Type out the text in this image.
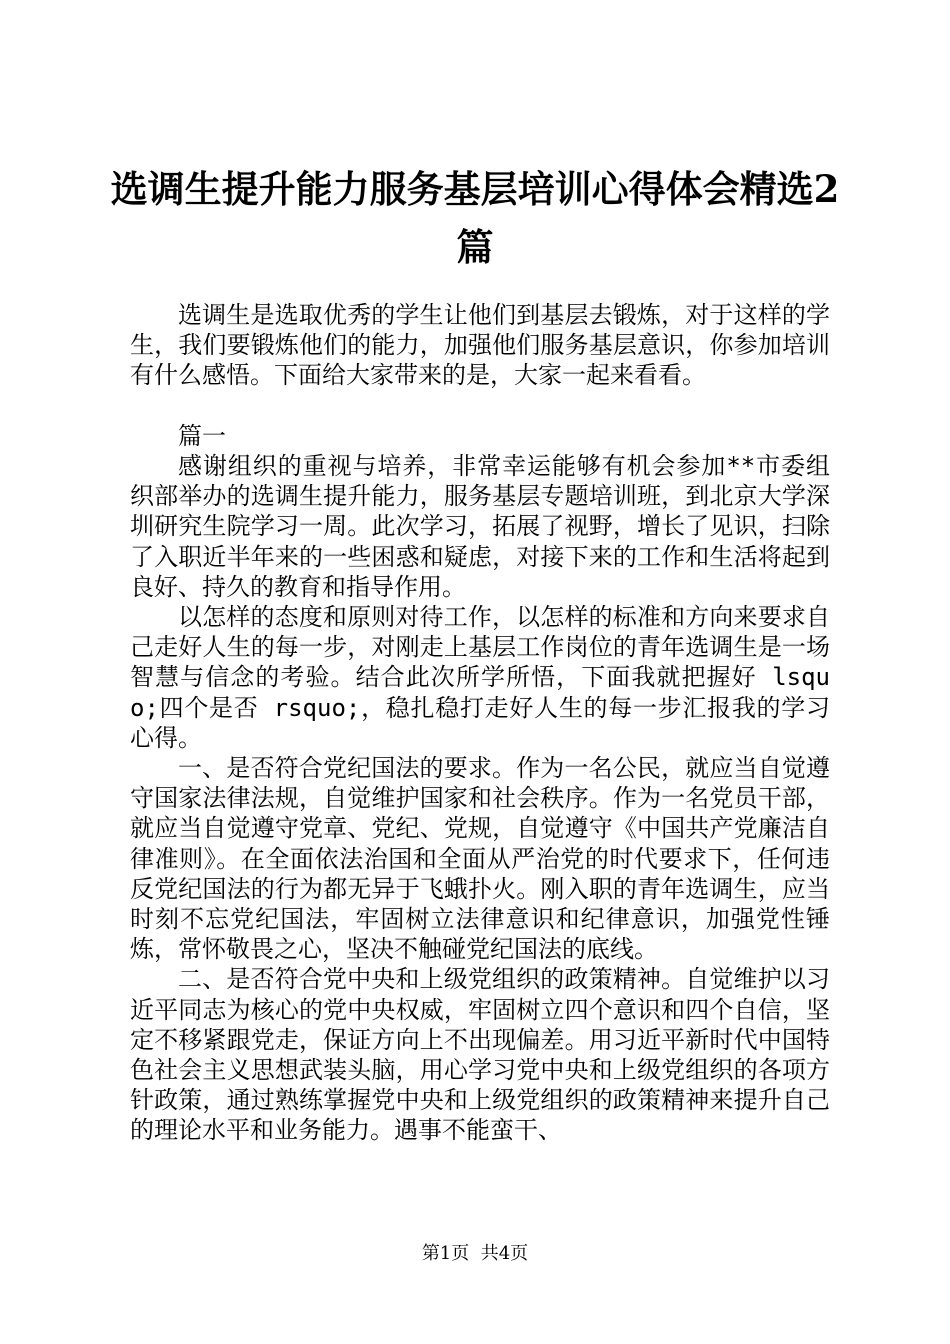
选调生提升能力服务基层培训心得体会精选2篇

选调生是选取优秀的学生让他们到基层去锻炼，对于这样的学生，我们要锻炼他们的能力，加强他们服务基层意识，你参加培训有什么感悟。下面给大家带来的是，大家一起来看看。

篇一

感谢组织的重视与培养，非常幸运能够有机会参加**市委组织部举办的选调生提升能力，服务基层专题培训班，到北京大学深圳研究生院学习一周。此次学习，拓展了视野，增长了见识，扫除了入职近半年来的一些困惑和疑虑，对接下来的工作和生活将起到良好、持久的教育和指导作用。

以怎样的态度和原则对待工作，以怎样的标准和方向来要求自己走好人生的每一步，对刚走上基层工作岗位的青年选调生是一场智慧与信念的考验。结合此次所学所悟，下面我就把握好 lsquo;四个是否 rsquo;，稳扎稳打走好人生的每一步汇报我的学习心得。

一、是否符合党纪国法的要求。作为一名公民，就应当自觉遵守国家法律法规，自觉维护国家和社会秩序。作为一名党员干部，就应当自觉遵守党章、党纪、党规，自觉遵守《中国共产党廉洁自律准则》。在全面依法治国和全面从严治党的时代要求下，任何违反党纪国法的行为都无异于飞蛾扑火。刚入职的青年选调生，应当时刻不忘党纪国法，牢固树立法律意识和纪律意识，加强党性锤炼，常怀敬畏之心，坚决不触碰党纪国法的底线。

二、是否符合党中央和上级党组织的政策精神。自觉维护以习近平同志为核心的党中央权威，牢固树立四个意识和四个自信，坚定不移紧跟党走，保证方向上不出现偏差。用习近平新时代中国特色社会主义思想武装头脑，用心学习党中央和上级党组织的各项方针政策，通过熟练掌握党中央和上级党组织的政策精神来提升自己的理论水平和业务能力。遇事不能蛮干、

第1页 共4页
